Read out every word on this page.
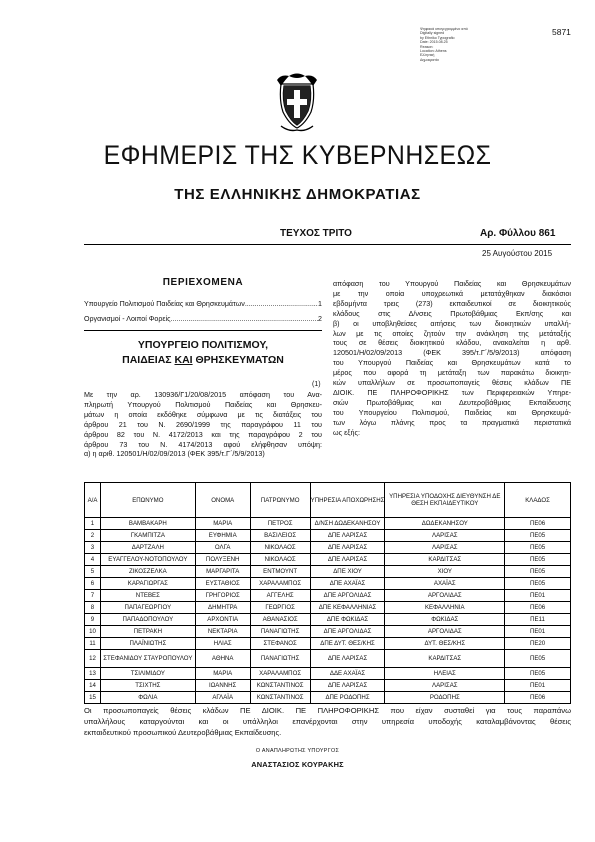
Ψηφιακά υπογεγραμμένο από
Digitally signed
by Ethniko Typografio
Date: 2015.08.25
Reason:
Location: Athens
Ελληνική
Δημοκρατία
5871
ΕΦΗΜΕΡΙΣ ΤΗΣ ΚΥΒΕΡΝΗΣΕΩΣ
ΤΗΣ ΕΛΛΗΝΙΚΗΣ ΔΗΜΟΚΡΑΤΙΑΣ
ΤΕΥΧΟΣ ΤΡΙΤΟ	Αρ. Φύλλου 861
25 Αυγούστου 2015
ΠΕΡΙΕΧΟΜΕΝΑ
Υπουργείο Πολιτισμού Παιδείας και Θρησκευμάτων .....	1
Οργανισμοί - Λοιποί Φορείς .....	2
ΥΠΟΥΡΓΕΙΟ ΠΟΛΙΤΙΣΜΟΥ,
ΠΑΙΔΕΙΑΣ ΚΑΙ ΘΡΗΣΚΕΥΜΑΤΩΝ
(1)
Με την αρ. 130936/Γ1/20/08/2015 απόφαση του Ανα-
πληρωτή Υπουργού Πολιτισμού Παιδείας και Θρησκευ-
μάτων η οποία εκδόθηκε σύμφωνα με τις διατάξεις του
άρθρου 21 του Ν. 2690/1999 της παραγράφου 11 του
άρθρου 82 του Ν. 4172/2013 και της παραγράφου 2 του
άρθρου 73 του Ν. 4174/2013 αφού ελήφθησαν υπόψη:
α) η αριθ. 120501/Η/02/09/2013 (ΦΕΚ 395/τ.Γ΄/5/9/2013)
απόφαση του Υπουργού Παιδείας και Θρησκευμάτων
με την οποία υποχρεωτικά μετατάχθηκαν διακόσιοι
εβδομήντα τρεις (273) εκπαιδευτικοί σε διοικητικούς
κλάδους στις Δ/νσεις Πρωτοβάθμιας Εκπ/σης και
β) οι υποβληθείσες αιτήσεις των διοικητικών υπαλλή-
λων με τις οποίες ζητούν την ανάκληση της μετάταξής
τους σε θέσεις διοικητικού κλάδου, ανακαλείται η αρθ.
120501/Η/02/09/2013 (ΦΕΚ 395/τ.Γ΄/5/9/2013) απόφαση
του Υπουργού Παιδείας και Θρησκευμάτων κατά το
μέρος που αφορά τη μετάταξη των παρακάτω διοικητι-
κών υπαλλήλων σε προσωποπαγείς θέσεις κλάδων ΠΕ
ΔΙΟΙΚ. ΠΕ ΠΛΗΡΟΦΟΡΙΚΗΣ των Περιφερειακών Υπηρε-
σιών Πρωτοβάθμιας και Δευτεροβάθμιας Εκπαίδευσης
του Υπουργείου Πολιτισμού, Παιδείας και Θρησκευμά-
των λόγω πλάνης προς τα πραγματικά περιστατικά
ως εξής:
Α/Α	ΕΠΩΝΥΜΟ	ΟΝΟΜΑ	ΠΑΤΡΩΝΥΜΟ	ΥΠΗΡΕΣΙΑ ΑΠΟΧΩΡΗΣΗΣ	ΥΠΗΡΕΣΙΑ ΥΠΟΔΟΧΗΣ ΔΙΕΥΘΥΝΣΗ ΔΕ ΘΕΣΗ ΕΚΠΑΙΔΕΥΤΙΚΟΥ	ΚΛΑΔΟΣ
1	ΒΑΜΒΑΚΑΡΗ	ΜΑΡΙΑ	ΠΕΤΡΟΣ	Δ/ΝΣΗ ΔΩΔΕΚΑΝΗΣΟΥ	ΔΩΔΕΚΑΝΗΣΟΥ	ΠΕ06
2	ΓΚΑΜΠΙΤΖΑ	ΕΥΦΗΜΙΑ	ΒΑΣΙΛΕΙΟΣ	ΔΠΕ ΛΑΡΙΣΑΣ	ΛΑΡΙΣΑΣ	ΠΕ05
3	ΔΑΡΤΖΑΛΗ	ΟΛΓΑ	ΝΙΚΟΛΑΟΣ	ΔΠΕ ΛΑΡΙΣΑΣ	ΛΑΡΙΣΑΣ	ΠΕ05
4	ΕΥΑΓΓΕΛΟΥ-ΝΟΤΟΠΟΥΛΟΥ	ΠΟΛΥΞΕΝΗ	ΝΙΚΟΛΑΟΣ	ΔΠΕ ΛΑΡΙΣΑΣ	ΚΑΡΔΙΤΣΑΣ	ΠΕ05
5	ΖΙΚΟΣΖΕΛΚΑ	ΜΑΡΓΑΡΙΤΑ	ΕΝΤΜΟΥΝΤ	ΔΠΕ ΧΙΟΥ	ΧΙΟΥ	ΠΕ05
6	ΚΑΡΑΓΙΩΡΓΑΣ	ΕΥΣΤΑΘΙΟΣ	ΧΑΡΑΛΑΜΠΟΣ	ΔΠΕ ΑΧΑΪΑΣ	ΑΧΑΪΑΣ	ΠΕ05
7	ΝΤΕΒΕΣ	ΓΡΗΓΟΡΙΟΣ	ΑΓΓΕΛΗΣ	ΔΠΕ ΑΡΓΟΛΙΔΑΣ	ΑΡΓΟΛΙΔΑΣ	ΠΕ01
8	ΠΑΠΑΓΕΩΡΓΙΟΥ	ΔΗΜΗΤΡΑ	ΓΕΩΡΓΙΟΣ	ΔΠΕ ΚΕΦΑΛΛΗΝΙΑΣ	ΚΕΦΑΛΛΗΝΙΑ	ΠΕ06
9	ΠΑΠΑΔΟΠΟΥΛΟΥ	ΑΡΧΟΝΤΙΑ	ΑΘΑΝΑΣΙΟΣ	ΔΠΕ ΦΩΚΙΔΑΣ	ΦΩΚΙΔΑΣ	ΠΕ11
10	ΠΕΤΡΑΚΗ	ΝΕΚΤΑΡΙΑ	ΠΑΝΑΓΙΩΤΗΣ	ΔΠΕ ΑΡΓΟΛΙΔΑΣ	ΑΡΓΟΛΙΔΑΣ	ΠΕ01
11	ΠΛΑΪΝΙΩΤΗΣ	ΗΛΙΑΣ	ΣΤΕΦΑΝΟΣ	ΔΠΕ ΔΥΤ. ΘΕΣ/ΚΗΣ	ΔΥΤ. ΘΕΣ/ΚΗΣ	ΠΕ20
12	ΣΤΕΦΑΝΙΔΟΥ ΣΤΑΥΡΟΠΟΥΛΟΥ	ΑΘΗΝΑ	ΠΑΝΑΓΙΩΤΗΣ	ΔΠΕ ΛΑΡΙΣΑΣ	ΚΑΡΔΙΤΣΑΣ	ΠΕ05
13	ΤΣΙΛΙΜΙΔΟΥ	ΜΑΡΙΑ	ΧΑΡΑΛΑΜΠΟΣ	ΔΔΕ ΑΧΑΪΑΣ	ΗΛΕΙΑΣ	ΠΕ05
14	ΤΣΙΧΤΗΣ	ΙΩΑΝΝΗΣ	ΚΩΝΣΤΑΝΤΙΝΟΣ	ΔΠΕ ΛΑΡΙΣΑΣ	ΛΑΡΙΣΑΣ	ΠΕ01
15	ΦΩΛΙΑ	ΑΓΛΑΪΑ	ΚΩΝΣΤΑΝΤΙΝΟΣ	ΔΠΕ ΡΟΔΟΠΗΣ	ΡΟΔΟΠΗΣ	ΠΕ06
Οι προσωποπαγείς θέσεις κλάδων ΠΕ ΔΙΟΙΚ. ΠΕ ΠΛΗΡΟΦΟΡΙΚΗΣ που είχαν συσταθεί για τους παραπάνω
υπαλλήλους καταργούνται και οι υπάλληλοι επανέρχονται στην υπηρεσία υποδοχής καταλαμβάνοντας θέσεις
εκπαιδευτικού προσωπικού Δευτεροβάθμιας Εκπαίδευσης.
Ο ΑΝΑΠΛΗΡΩΤΗΣ ΥΠΟΥΡΓΟΣ
ΑΝΑΣΤΑΣΙΟΣ ΚΟΥΡΑΚΗΣ
